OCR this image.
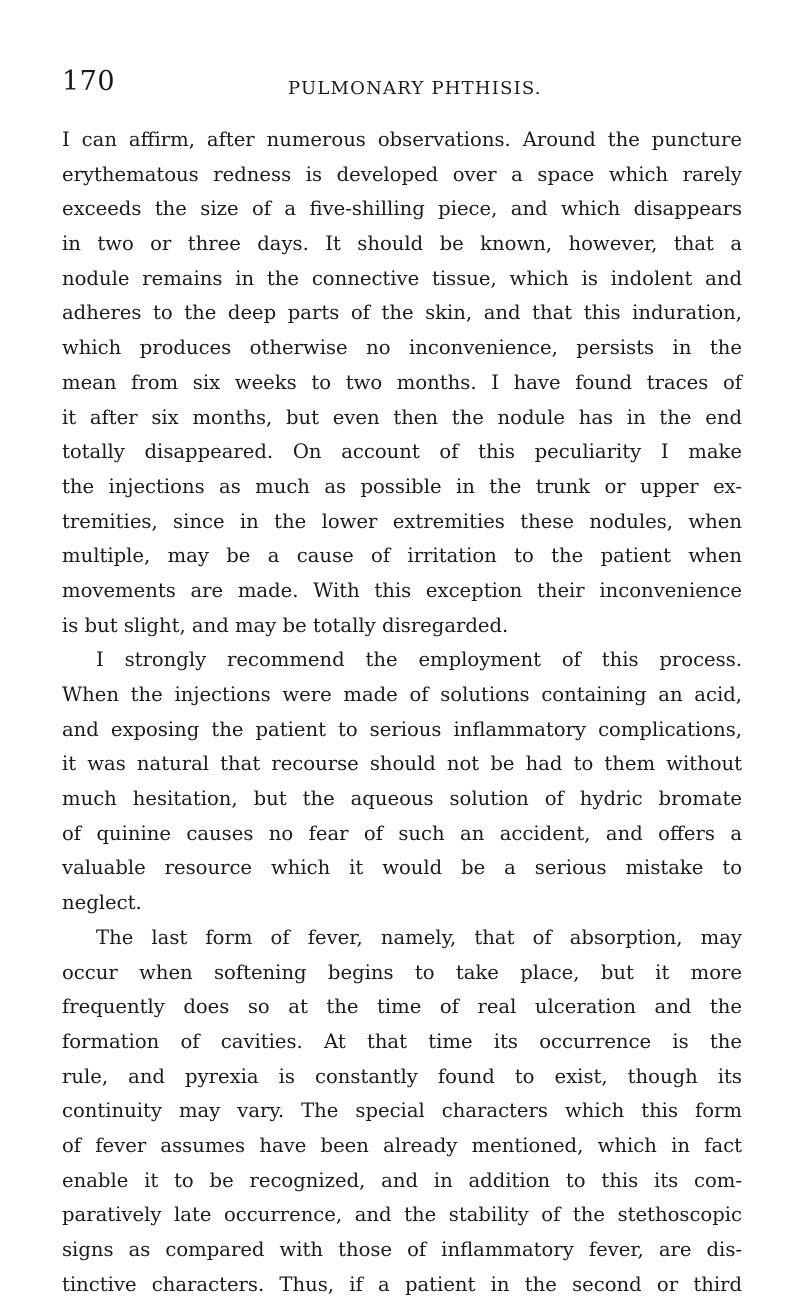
170	PULMONARY PHTHISIS.
I can affirm, after numerous observations. Around the puncture
erythematous redness is developed over a space which rarely
exceeds the size of a five-shilling piece, and which disappears
in two or three days. It should be known, however, that a
nodule remains in the connective tissue, which is indolent and
adheres to the deep parts of the skin, and that this induration,
which produces otherwise no inconvenience, persists in the
mean from six weeks to two months. I have found traces of
it after six months, but even then the nodule has in the end
totally disappeared. On account of this peculiarity I make
the injections as much as possible in the trunk or upper ex-
tremities, since in the lower extremities these nodules, when
multiple, may be a cause of irritation to the patient when
movements are made. With this exception their inconvenience
is but slight, and may be totally disregarded.
I strongly recommend the employment of this process.
When the injections were made of solutions containing an acid,
and exposing the patient to serious inflammatory complications,
it was natural that recourse should not be had to them without
much hesitation, but the aqueous solution of hydric bromate
of quinine causes no fear of such an accident, and offers a
valuable resource which it would be a serious mistake to
neglect.
The last form of fever, namely, that of absorption, may
occur when softening begins to take place, but it more
frequently does so at the time of real ulceration and the
formation of cavities. At that time its occurrence is the
rule, and pyrexia is constantly found to exist, though its
continuity may vary. The special characters which this form
of fever assumes have been already mentioned, which in fact
enable it to be recognized, and in addition to this its com-
paratively late occurrence, and the stability of the stethoscopic
signs as compared with those of inflammatory fever, are dis-
tinctive characters. Thus, if a patient in the second or third
